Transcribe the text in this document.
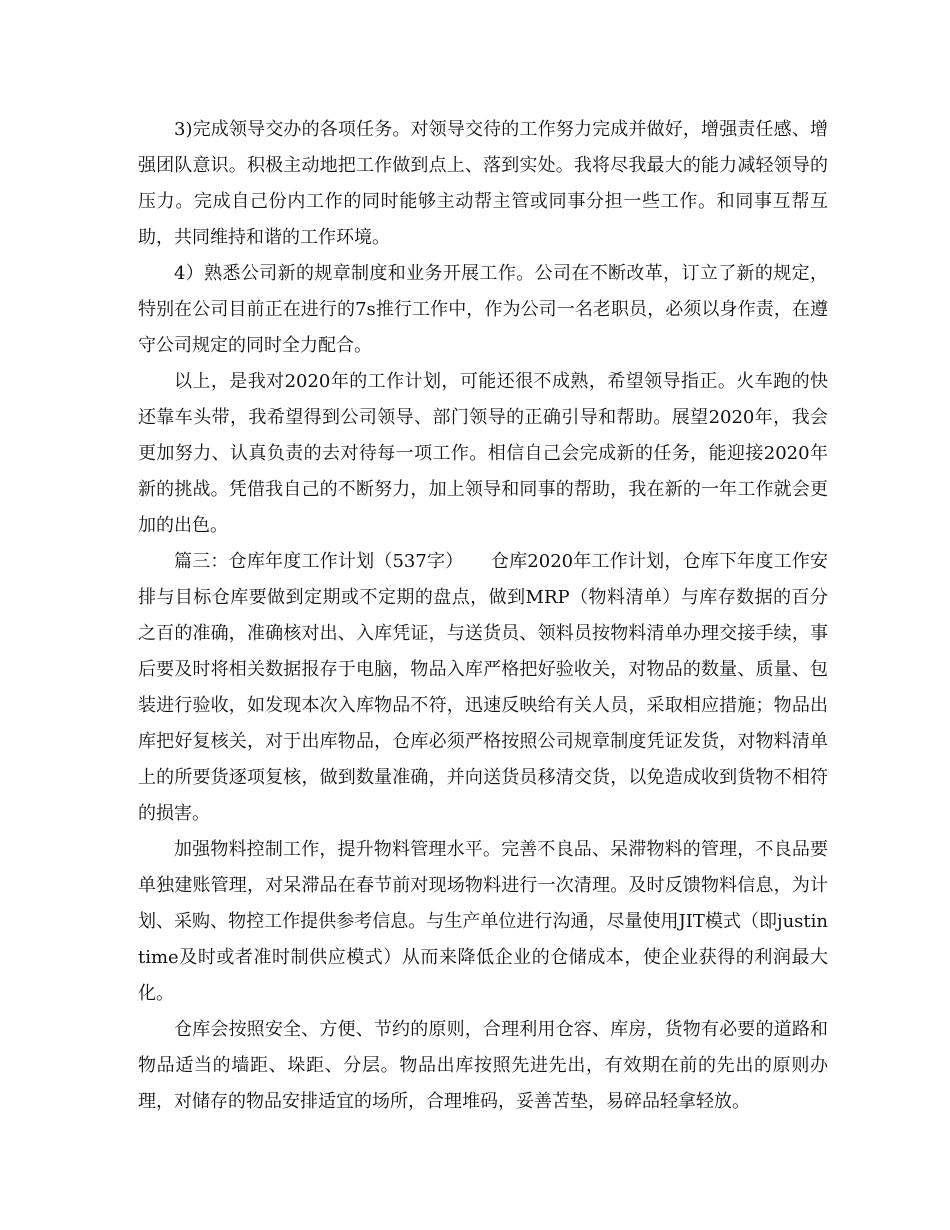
3)完成领导交办的各项任务。对领导交待的工作努力完成并做好，增强责任感、增强团队意识。积极主动地把工作做到点上、落到实处。我将尽我最大的能力减轻领导的压力。完成自己份内工作的同时能够主动帮主管或同事分担一些工作。和同事互帮互助，共同维持和谐的工作环境。

4）熟悉公司新的规章制度和业务开展工作。公司在不断改革，订立了新的规定，特别在公司目前正在进行的7s推行工作中，作为公司一名老职员，必须以身作责，在遵守公司规定的同时全力配合。

以上，是我对2020年的工作计划，可能还很不成熟，希望领导指正。火车跑的快还靠车头带，我希望得到公司领导、部门领导的正确引导和帮助。展望2020年，我会更加努力、认真负责的去对待每一项工作。相信自己会完成新的任务，能迎接2020年新的挑战。凭借我自己的不断努力，加上领导和同事的帮助，我在新的一年工作就会更加的出色。

篇三：仓库年度工作计划（537字）　　仓库2020年工作计划，仓库下年度工作安排与目标仓库要做到定期或不定期的盘点，做到MRP（物料清单）与库存数据的百分之百的准确，准确核对出、入库凭证，与送货员、领料员按物料清单办理交接手续，事后要及时将相关数据报存于电脑，物品入库严格把好验收关，对物品的数量、质量、包装进行验收，如发现本次入库物品不符，迅速反映给有关人员，采取相应措施；物品出库把好复核关，对于出库物品，仓库必须严格按照公司规章制度凭证发货，对物料清单上的所要货逐项复核，做到数量准确，并向送货员移清交货，以免造成收到货物不相符的损害。

加强物料控制工作，提升物料管理水平。完善不良品、呆滞物料的管理，不良品要单独建账管理，对呆滞品在春节前对现场物料进行一次清理。及时反馈物料信息，为计划、采购、物控工作提供参考信息。与生产单位进行沟通，尽量使用JIT模式（即justintime及时或者准时制供应模式）从而来降低企业的仓储成本，使企业获得的利润最大化。

仓库会按照安全、方便、节约的原则，合理利用仓容、库房，货物有必要的道路和物品适当的墙距、垛距、分层。物品出库按照先进先出，有效期在前的先出的原则办理，对储存的物品安排适宜的场所，合理堆码，妥善苫垫，易碎品轻拿轻放。
